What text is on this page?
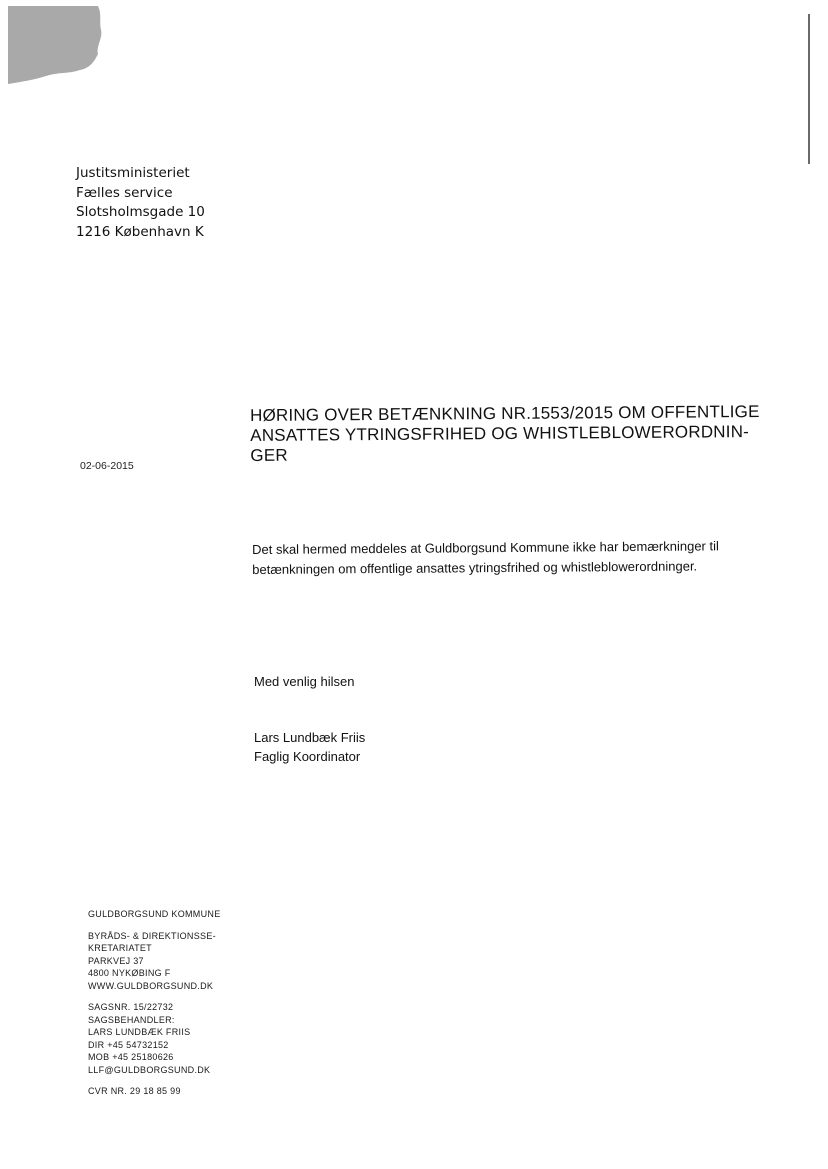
Justitsministeriet
Fælles service
Slotsholmsgade 10
1216 København K
02-06-2015
HØRING OVER BETÆNKNING NR.1553/2015 OM OFFENTLIGE
ANSATTES YTRINGSFRIHED OG WHISTLEBLOWERORDNIN-
GER
Det skal hermed meddeles at Guldborgsund Kommune ikke har bemærkninger til
betænkningen om offentlige ansattes ytringsfrihed og whistleblowerordninger.
Med venlig hilsen
Lars Lundbæk Friis
Faglig Koordinator
GULDBORGSUND KOMMUNE
BYRÅDS- & DIREKTIONSSE-
KRETARIATET
PARKVEJ 37
4800 NYKØBING F
WWW.GULDBORGSUND.DK
SAGSNR. 15/22732
SAGSBEHANDLER:
LARS LUNDBÆK FRIIS
DIR +45 54732152
MOB +45 25180626
LLF@GULDBORGSUND.DK
CVR NR. 29 18 85 99
